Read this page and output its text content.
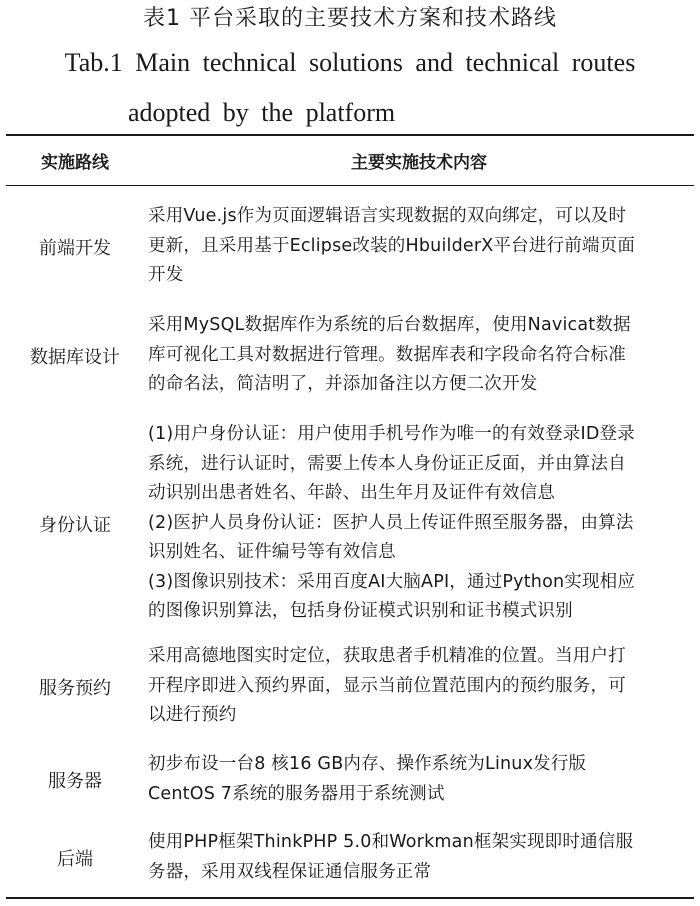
表1 平台采取的主要技术方案和技术路线
Tab.1 Main technical solutions and technical routes
adopted by the platform
实施路线	主要实施技术内容
前端开发
采用Vue.js作为页面逻辑语言实现数据的双向绑定，可以及时
更新，且采用基于Eclipse改装的HbuilderX平台进行前端页面
开发
数据库设计
采用MySQL数据库作为系统的后台数据库，使用Navicat数据
库可视化工具对数据进行管理。数据库表和字段命名符合标准
的命名法，简洁明了，并添加备注以方便二次开发
身份认证
(1)用户身份认证：用户使用手机号作为唯一的有效登录ID登录
系统，进行认证时，需要上传本人身份证正反面，并由算法自
动识别出患者姓名、年龄、出生年月及证件有效信息
(2)医护人员身份认证：医护人员上传证件照至服务器，由算法
识别姓名、证件编号等有效信息
(3)图像识别技术：采用百度AI大脑API，通过Python实现相应
的图像识别算法，包括身份证模式识别和证书模式识别
服务预约
采用高德地图实时定位，获取患者手机精准的位置。当用户打
开程序即进入预约界面，显示当前位置范围内的预约服务，可
以进行预约
服务器
初步布设一台8 核16 GB内存、操作系统为Linux发行版
CentOS 7系统的服务器用于系统测试
后端
使用PHP框架ThinkPHP 5.0和Workman框架实现即时通信服
务器，采用双线程保证通信服务正常
